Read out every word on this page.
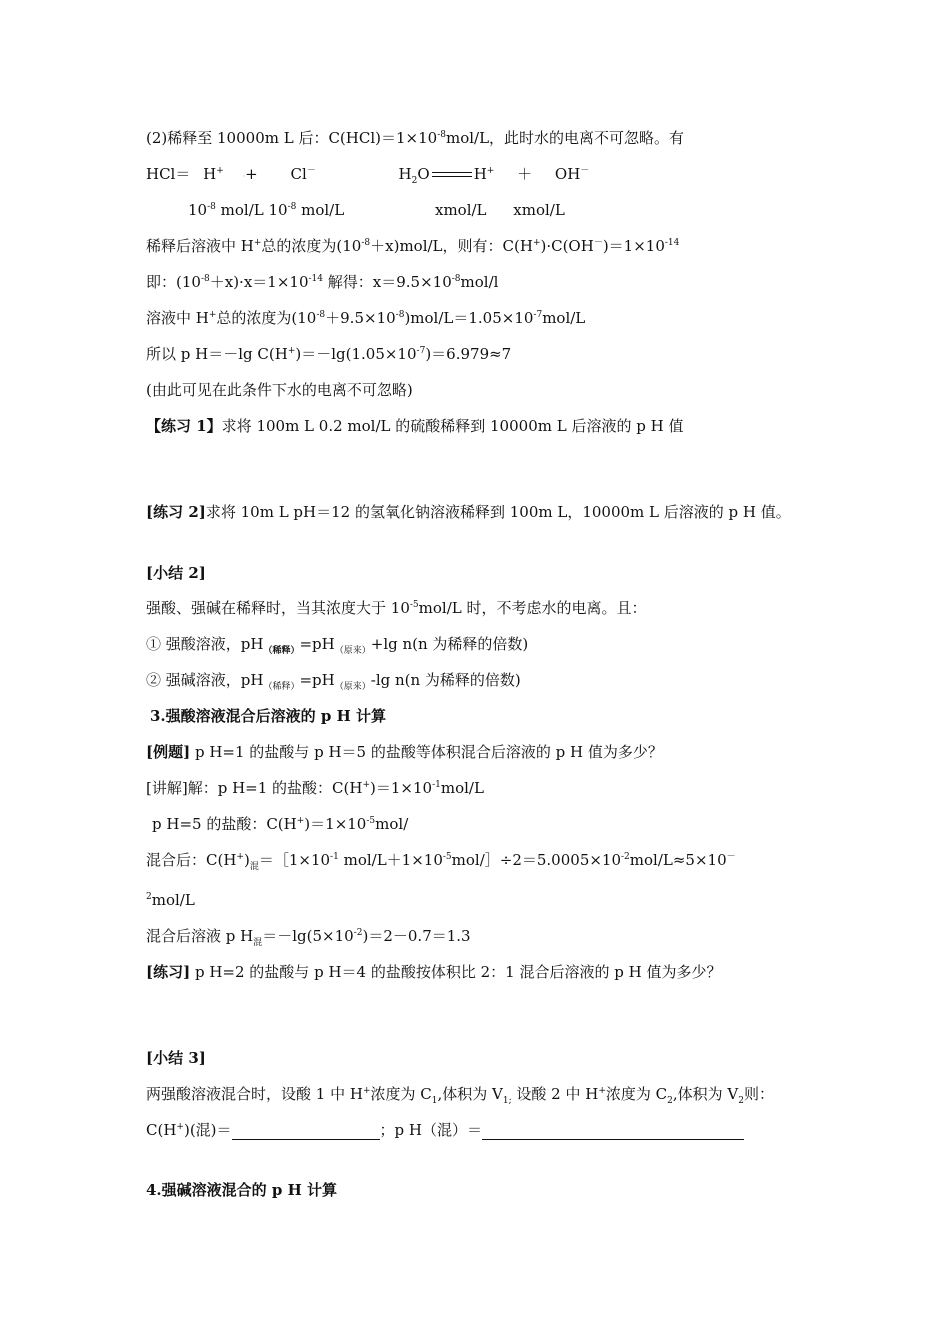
(2)稀释至 10000m L 后：$C(HCl)=1\times 10^{-8}mol/L$，此时水的电离不可忽略。有
HCl＝ H+ ·+ Cl－	$H_2O$	H+ ＋ OH－
$10^{-8}$ mol/L $10^{-8}$ mol/L	xmol/L xmol/L
稀释后溶液中 H+总的浓度为$(10^{-8}+x)mol/L$，则有：$C(H^+)\cdot C(OH^-)=1\times 10^{-14}$
即：$(10^{-8}+x)\cdot x=1\times 10^{-14}$ 解得：$x=9.5\times 10^{-8}mol/l$
溶液中 H+总的浓度为$(10^{-8}+9.5\times 10^{-8})mol/L=1.05\times 10^{-7}mol/L$
所以 p H＝－lg $C(H^+)=-\lg(1.05\times 10^{-7})=6.979\approx 7$
(由此可见在此条件下水的电离不可忽略)
【练习 1】求将 100m L 0.2 mol/L 的硫酸稀释到 10000m L 后溶液的 p H 值
[练习 2]求将 10m L pH＝12 的氢氧化钠溶液稀释到 100m L，10000m L 后溶液的 p H 值。
[小结 2]
强酸、强碱在稀释时，当其浓度大于 $10^{-5}mol/L$ 时，不考虑水的电离。且：
① 强酸溶液，$pH_{(稀释)}=pH_{(原来)}+\lg$ n(n 为稀释的倍数)
② 强碱溶液，$pH_{(稀释)}=pH_{(原来)}-\lg$ n(n 为稀释的倍数)
3.强酸溶液混合后溶液的 p H 计算
[例题] p H=1 的盐酸与 p H＝5 的盐酸等体积混合后溶液的 p H 值为多少？
[讲解]解：p H=1 的盐酸：$C(H^+)=1\times 10^{-1}mol/L$
p H=5 的盐酸：$C(H^+)=1\times 10^{-5}mol/$
混合后：$C(H^+)_混=[1\times 10^{-1}$ mol/$L+1\times 10^{-5}mol/]\div 2=5.0005\times 10^{-2}mol/L\approx 5\times 10^-$
$^2$mol/L
混合后溶液 p $H_混=-\lg(5\times 10^{-2})=2-0.7=1.3$
[练习] p H=2 的盐酸与 p H＝4 的盐酸按体积比 2：1 混合后溶液的 p H 值为多少？
[小结 3]
两强酸溶液混合时，设酸 1 中 H+浓度为 $C_1$,体积为 $V_{1;}$ 设酸 2 中 H+浓度为 $C_2$,体积为 $V_2$则：
C(H+)(混)＝	；p H（混）＝
4.强碱溶液混合的 p H 计算
